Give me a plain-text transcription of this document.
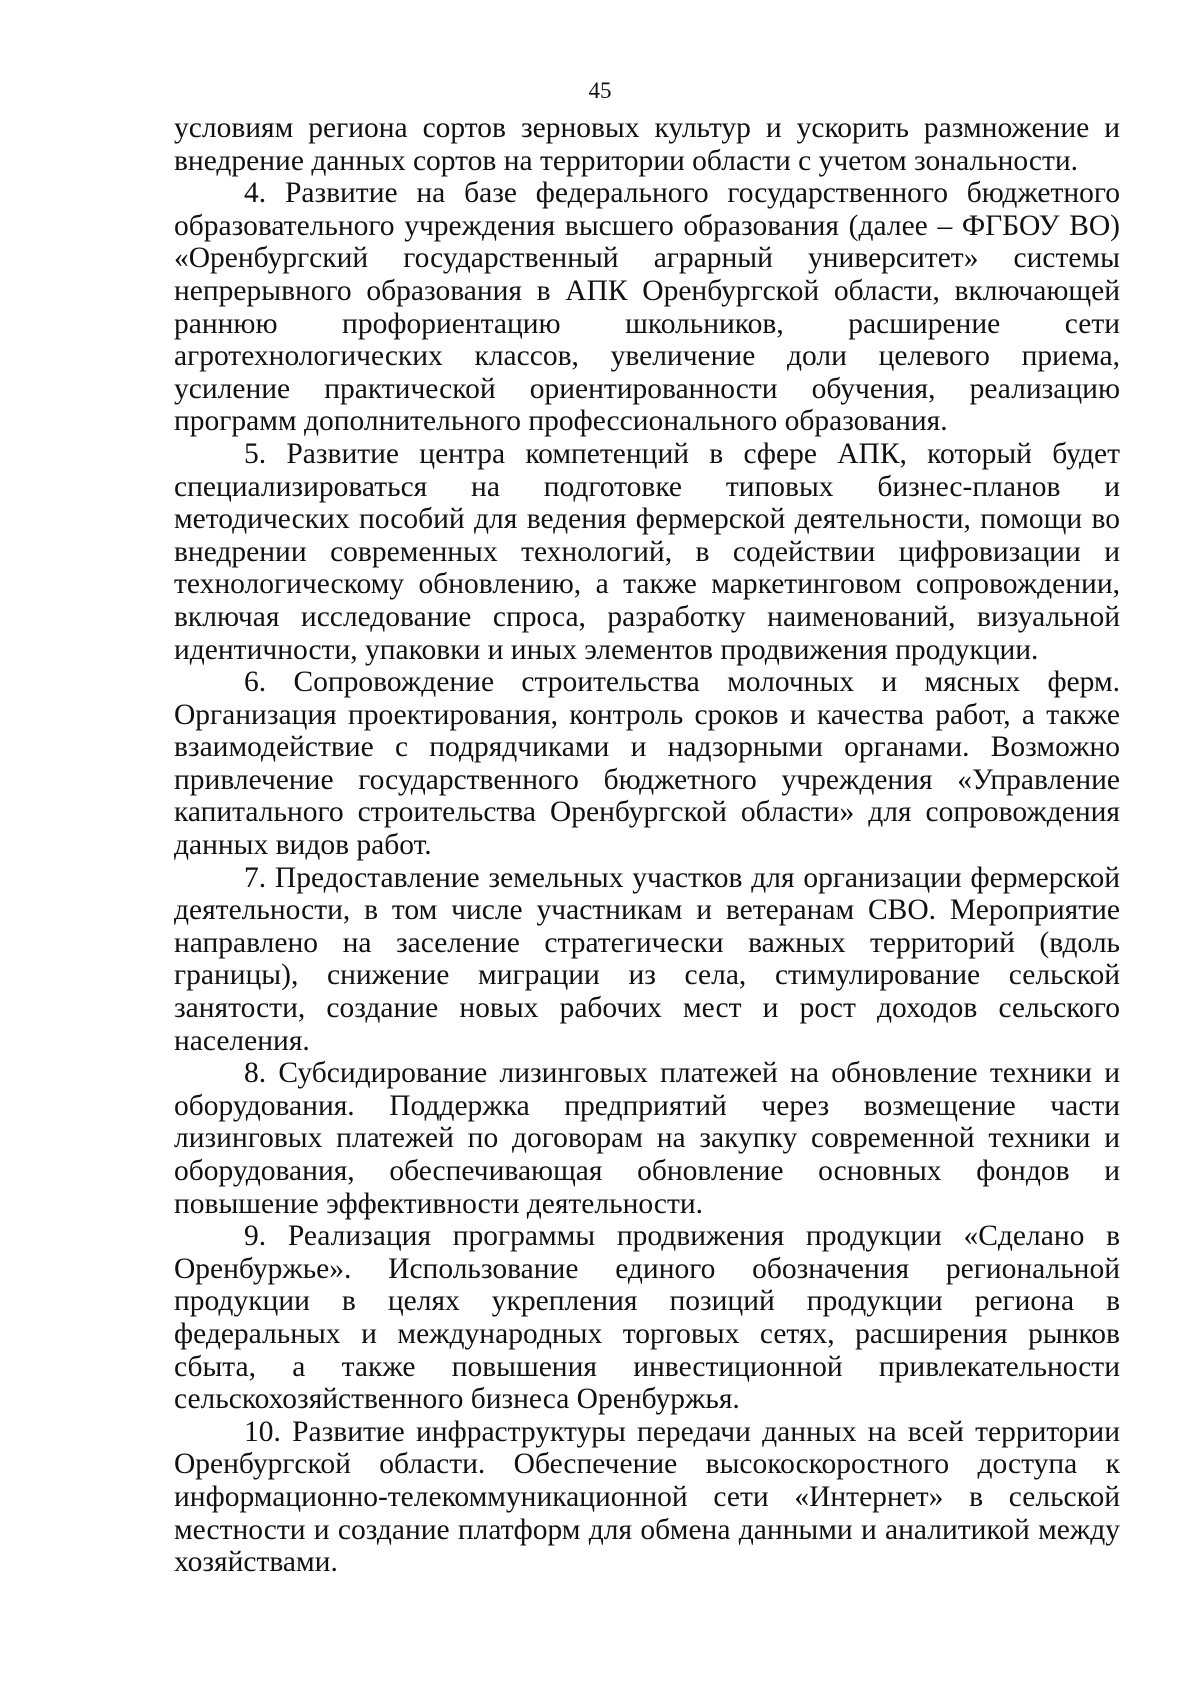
45

условиям региона сортов зерновых культур и ускорить размножение и внедрение данных сортов на территории области с учетом зональности.

4. Развитие на базе федерального государственного бюджетного образовательного учреждения высшего образования (далее – ФГБОУ ВО) «Оренбургский государственный аграрный университет» системы непрерывного образования в АПК Оренбургской области, включающей раннюю профориентацию школьников, расширение сети агротехнологических классов, увеличение доли целевого приема, усиление практической ориентированности обучения, реализацию программ дополнительного профессионального образования.

5. Развитие центра компетенций в сфере АПК, который будет специализироваться на подготовке типовых бизнес-планов и методических пособий для ведения фермерской деятельности, помощи во внедрении современных технологий, в содействии цифровизации и технологическому обновлению, а также маркетинговом сопровождении, включая исследование спроса, разработку наименований, визуальной идентичности, упаковки и иных элементов продвижения продукции.

6. Сопровождение строительства молочных и мясных ферм. Организация проектирования, контроль сроков и качества работ, а также взаимодействие с подрядчиками и надзорными органами. Возможно привлечение государственного бюджетного учреждения «Управление капитального строительства Оренбургской области» для сопровождения данных видов работ.

7. Предоставление земельных участков для организации фермерской деятельности, в том числе участникам и ветеранам СВО. Мероприятие направлено на заселение стратегически важных территорий (вдоль границы), снижение миграции из села, стимулирование сельской занятости, создание новых рабочих мест и рост доходов сельского населения.

8. Субсидирование лизинговых платежей на обновление техники и оборудования. Поддержка предприятий через возмещение части лизинговых платежей по договорам на закупку современной техники и оборудования, обеспечивающая обновление основных фондов и повышение эффективности деятельности.

9. Реализация программы продвижения продукции «Сделано в Оренбуржье». Использование единого обозначения региональной продукции в целях укрепления позиций продукции региона в федеральных и международных торговых сетях, расширения рынков сбыта, а также повышения инвестиционной привлекательности сельскохозяйственного бизнеса Оренбуржья.

10. Развитие инфраструктуры передачи данных на всей территории Оренбургской области. Обеспечение высокоскоростного доступа к информационно-телекоммуникационной сети «Интернет» в сельской местности и создание платформ для обмена данными и аналитикой между хозяйствами.
